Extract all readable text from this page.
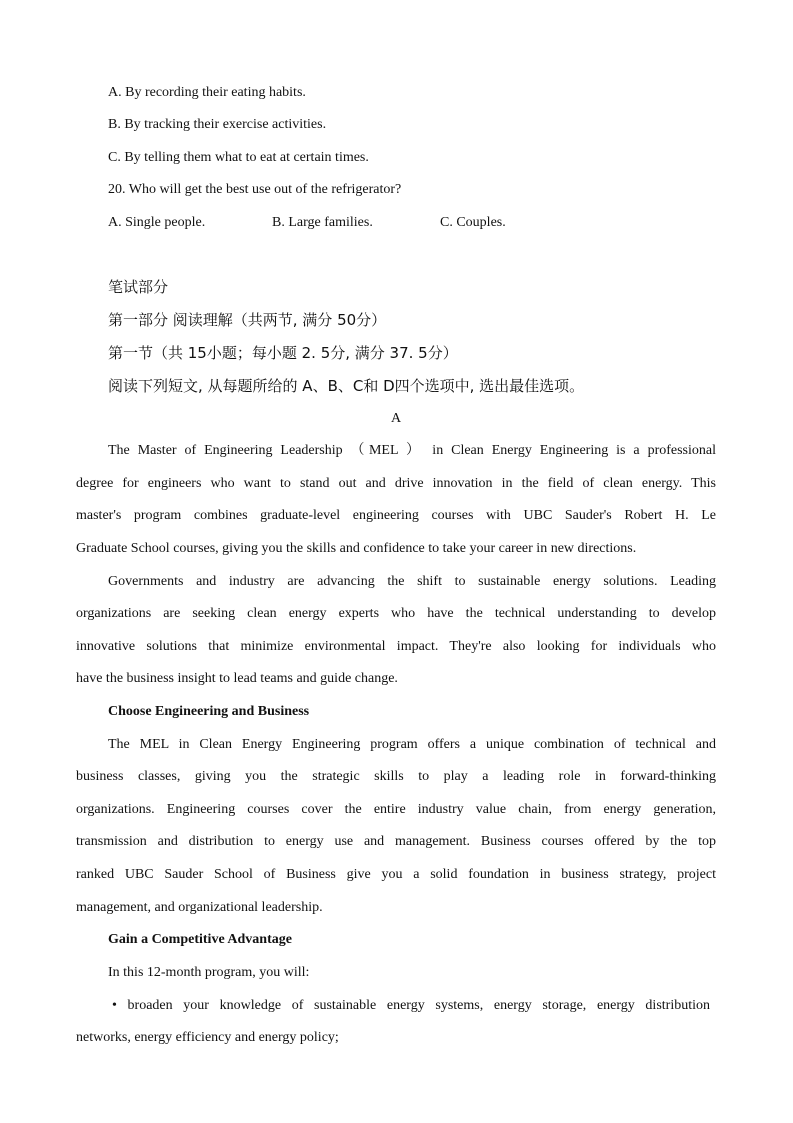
A. By recording their eating habits.
B. By tracking their exercise activities.
C. By telling them what to eat at certain times.
20. Who will get the best use out of the refrigerator?
A. Single people.	B. Large families.	C. Couples.
笔试部分
第一部分 阅读理解（共两节, 满分 50分）
第一节（共 15小题；每小题 2. 5分, 满分 37. 5分）
阅读下列短文, 从每题所给的 A、B、C和 D四个选项中, 选出最佳选项。
A
The Master of Engineering Leadership （MEL ） in Clean Energy Engineering is a professional
degree for engineers who want to stand out and drive innovation in the field of clean energy. This
master's program combines graduate-level engineering courses with UBC Sauder's Robert H. Le
Graduate School courses, giving you the skills and confidence to take your career in new directions.
Governments and industry are advancing the shift to sustainable energy solutions. Leading
organizations are seeking clean energy experts who have the technical understanding to develop
innovative solutions that minimize environmental impact. They're also looking for individuals who
have the business insight to lead teams and guide change.
Choose Engineering and Business
The MEL in Clean Energy Engineering program offers a unique combination of technical and
business classes, giving you the strategic skills to play a leading role in forward-thinking
organizations. Engineering courses cover the entire industry value chain, from energy generation,
transmission and distribution to energy use and management. Business courses offered by the top
ranked UBC Sauder School of Business give you a solid foundation in business strategy, project
management, and organizational leadership.
Gain a Competitive Advantage
In this 12-month program, you will:
• broaden your knowledge of sustainable energy systems, energy storage, energy distribution
networks, energy efficiency and energy policy;
